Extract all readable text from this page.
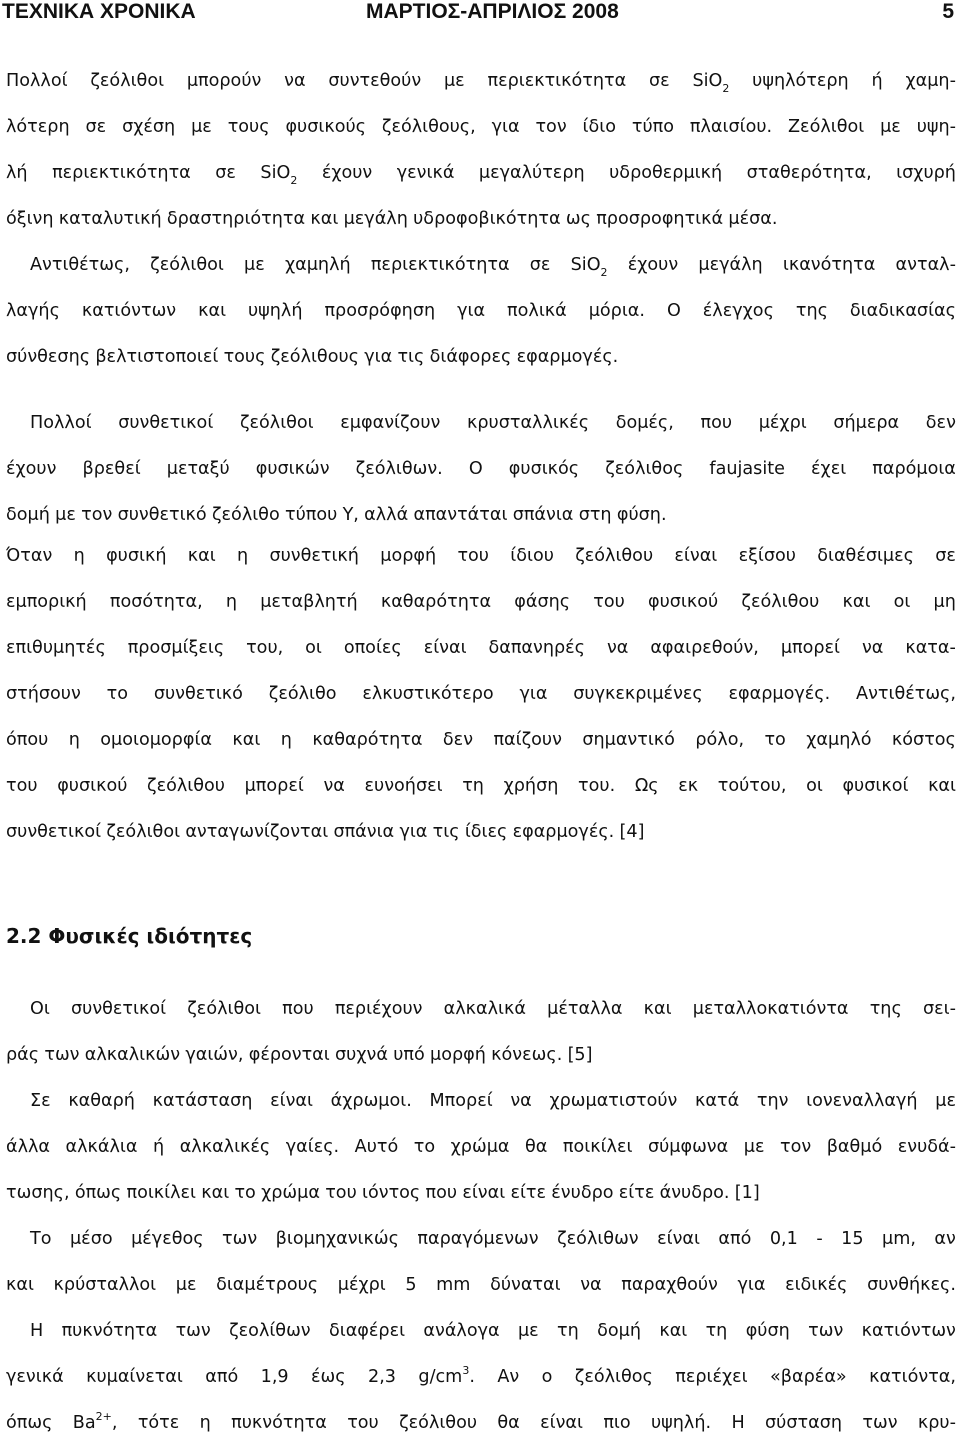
ΤΕΧΝΙΚΑ ΧΡΟΝΙΚΑ	ΜΑΡΤΙΟΣ-ΑΠΡΙΛΙΟΣ 2008	5
Πολλοί ζεόλιθοι μπορούν να συντεθούν με περιεκτικότητα σε SiO$_2$ υψηλότερη ή χαμη-
λότερη σε σχέση με τους φυσικούς ζεόλιθους, για τον ίδιο τύπο πλαισίου. Ζεόλιθοι με υψη-
λή περιεκτικότητα σε SiO$_2$ έχουν γενικά μεγαλύτερη υδροθερμική σταθερότητα, ισχυρή
όξινη καταλυτική δραστηριότητα και μεγάλη υδροφοβικότητα ως προσροφητικά μέσα.
Αντιθέτως, ζεόλιθοι με χαμηλή περιεκτικότητα σε SiO$_2$ έχουν μεγάλη ικανότητα ανταλ-
λαγής κατιόντων και υψηλή προσρόφηση για πολικά μόρια. Ο έλεγχος της διαδικασίας
σύνθεσης βελτιστοποιεί τους ζεόλιθους για τις διάφορες εφαρμογές.
Πολλοί συνθετικοί ζεόλιθοι εμφανίζουν κρυσταλλικές δομές, που μέχρι σήμερα δεν
έχουν βρεθεί μεταξύ φυσικών ζεόλιθων. Ο φυσικός ζεόλιθος faujasite έχει παρόμοια
δομή με τον συνθετικό ζεόλιθο τύπου Y, αλλά απαντάται σπάνια στη φύση.
Όταν η φυσική και η συνθετική μορφή του ίδιου ζεόλιθου είναι εξίσου διαθέσιμες σε
εμπορική ποσότητα, η μεταβλητή καθαρότητα φάσης του φυσικού ζεόλιθου και οι μη
επιθυμητές προσμίξεις του, οι οποίες είναι δαπανηρές να αφαιρεθούν, μπορεί να κατα-
στήσουν το συνθετικό ζεόλιθο ελκυστικότερο για συγκεκριμένες εφαρμογές. Αντιθέτως,
όπου η ομοιομορφία και η καθαρότητα δεν παίζουν σημαντικό ρόλο, το χαμηλό κόστος
του φυσικού ζεόλιθου μπορεί να ευνοήσει τη χρήση του. Ως εκ τούτου, οι φυσικοί και
συνθετικοί ζεόλιθοι ανταγωνίζονται σπάνια για τις ίδιες εφαρμογές. [4]
2.2 Φυσικές ιδιότητες
Οι συνθετικοί ζεόλιθοι που περιέχουν αλκαλικά μέταλλα και μεταλλοκατιόντα της σει-
ράς των αλκαλικών γαιών, φέρονται συχνά υπό μορφή κόνεως. [5]
Σε καθαρή κατάσταση είναι άχρωμοι. Μπορεί να χρωματιστούν κατά την ιονεναλλαγή με
άλλα αλκάλια ή αλκαλικές γαίες. Αυτό το χρώμα θα ποικίλει σύμφωνα με τον βαθμό ενυδά-
τωσης, όπως ποικίλει και το χρώμα του ιόντος που είναι είτε ένυδρο είτε άνυδρο. [1]
Το μέσο μέγεθος των βιομηχανικώς παραγόμενων ζεόλιθων είναι από 0,1 - 15 μm, αν
και κρύσταλλοι με διαμέτρους μέχρι 5 mm δύναται να παραχθούν για ειδικές συνθήκες.
Η πυκνότητα των ζεολίθων διαφέρει ανάλογα με τη δομή και τη φύση των κατιόντων
γενικά κυμαίνεται από 1,9 έως 2,3 $g/cm^3$. Αν ο ζεόλιθος περιέχει «βαρέα» κατιόντα,
όπως $Ba^{2+}$, τότε η πυκνότητα του ζεόλιθου θα είναι πιο υψηλή. Η σύσταση των κρυ-
